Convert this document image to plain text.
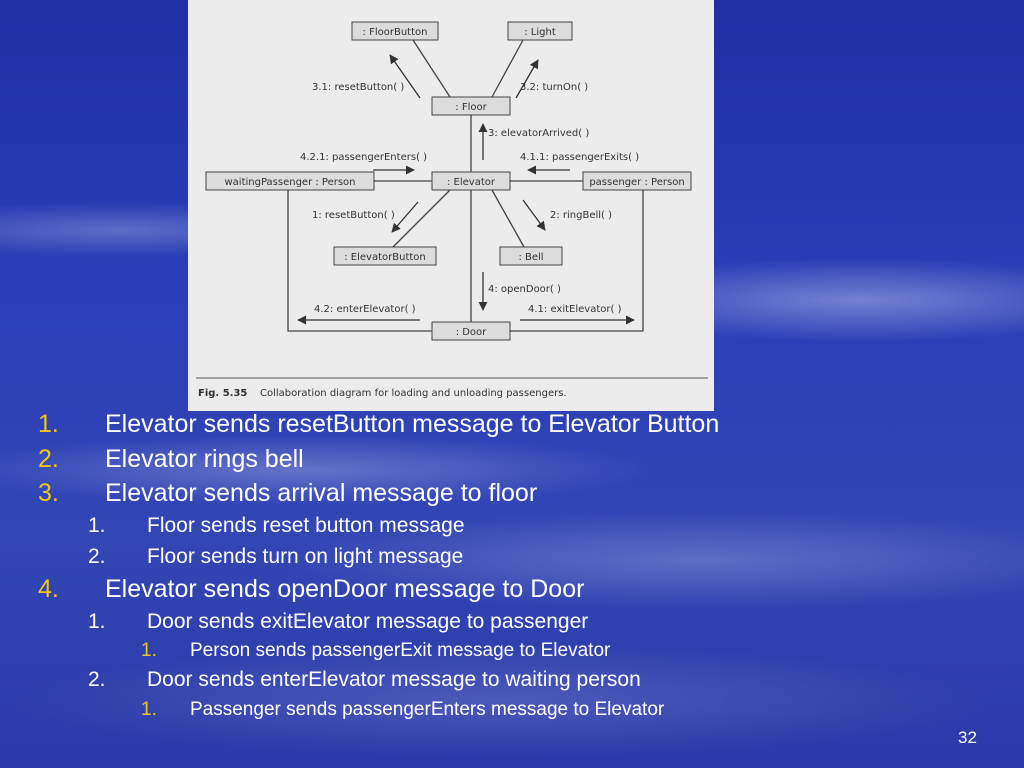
: FloorButton	: Light
: Floor
: Elevator
waitingPassenger : Person	passenger : Person
: ElevatorButton	: Bell
: Door
3.1: resetButton( )	3.2: turnOn( )
3: elevatorArrived( )
4.2.1: passengerEnters( )	4.1.1: passengerExits( )
1: resetButton( )	2: ringBell( )
4: openDoor( )
4.2: enterElevator( )	4.1: exitElevator( )
Fig. 5.35 Collaboration diagram for loading and unloading passengers.
1. Elevator sends resetButton message to Elevator Button
2. Elevator rings bell
3. Elevator sends arrival message to floor
1. Floor sends reset button message
2. Floor sends turn on light message
4. Elevator sends openDoor message to Door
1. Door sends exitElevator message to passenger
1. Person sends passengerExit message to Elevator
2. Door sends enterElevator message to waiting person
1. Passenger sends passengerEnters message to Elevator
32
